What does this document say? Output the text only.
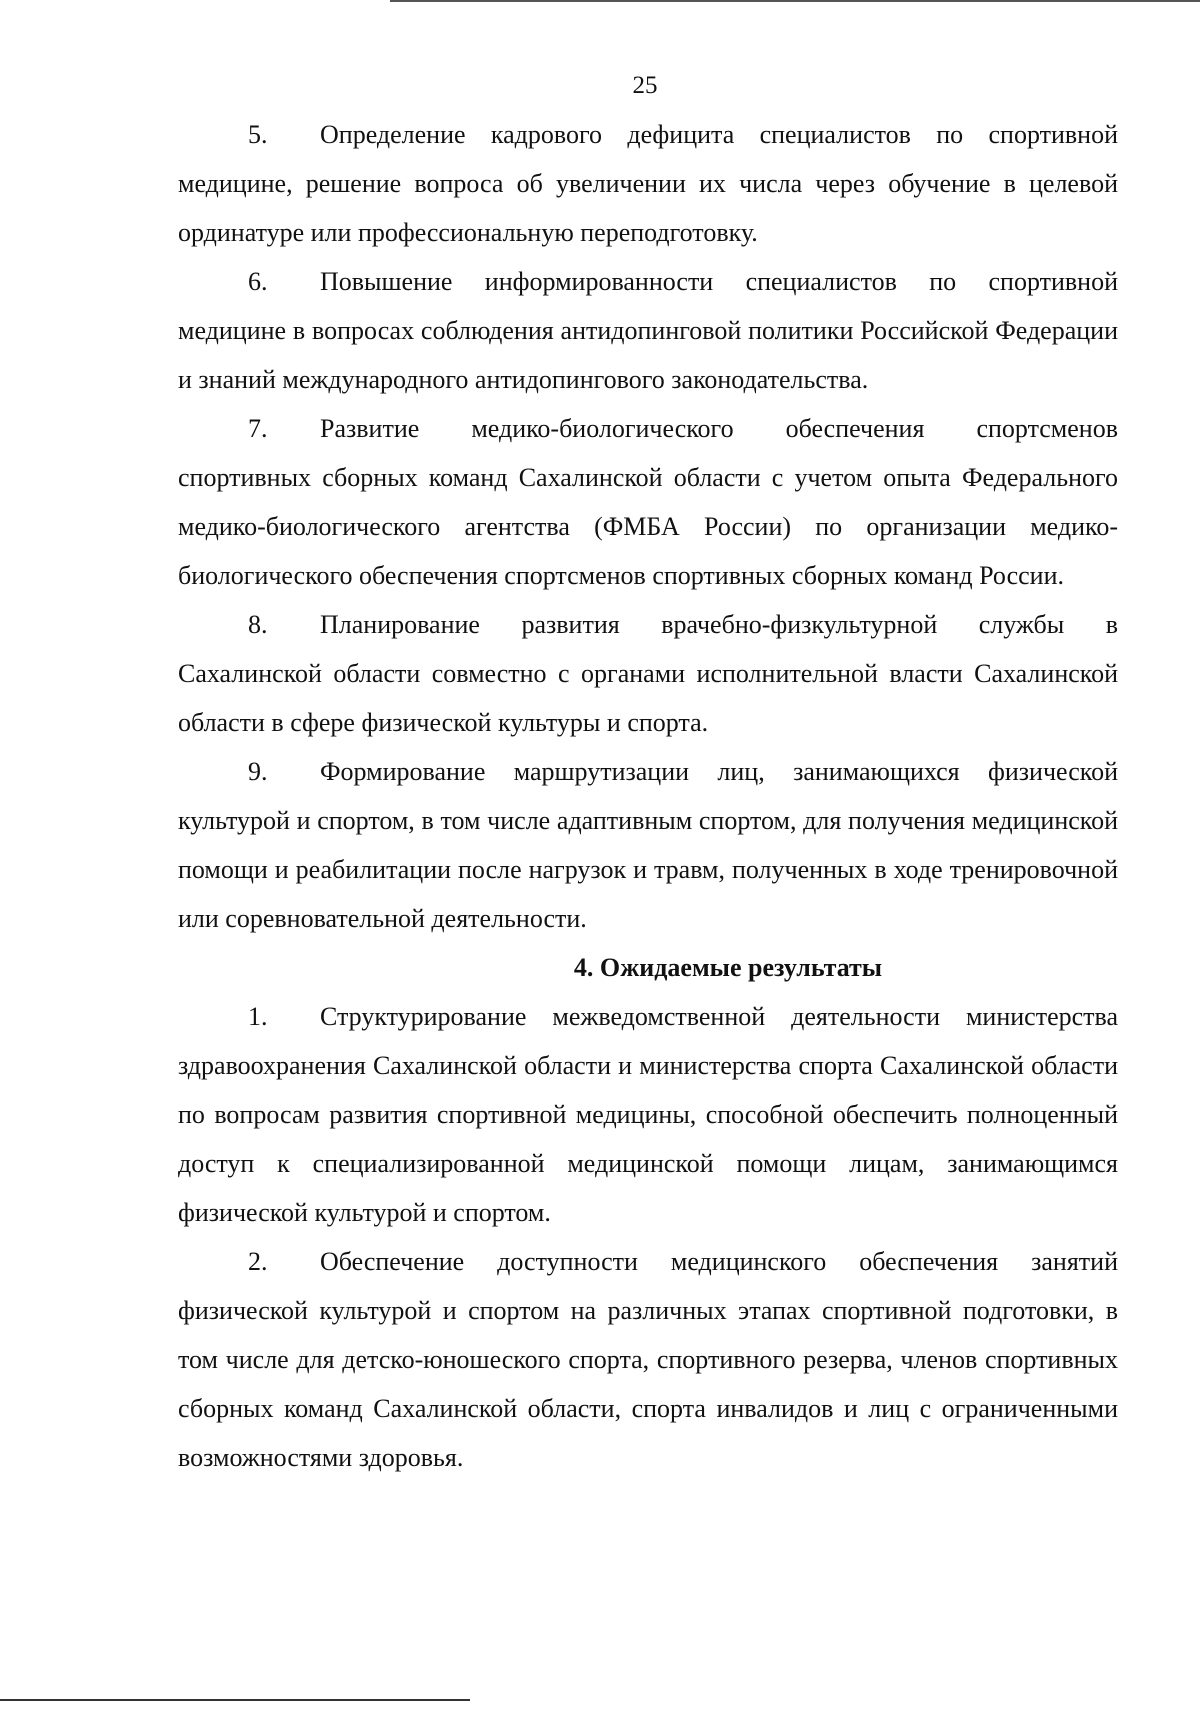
25

5. Определение кадрового дефицита специалистов по спортивной медицине, решение вопроса об увеличении их числа через обучение в целевой ординатуре или профессиональную переподготовку.

6. Повышение информированности специалистов по спортивной медицине в вопросах соблюдения антидопинговой политики Российской Федерации и знаний международного антидопингового законодательства.

7. Развитие медико-биологического обеспечения спортсменов спортивных сборных команд Сахалинской области с учетом опыта Федерального медико-биологического агентства (ФМБА России) по организации медико-биологического обеспечения спортсменов спортивных сборных команд России.

8. Планирование развития врачебно-физкультурной службы в Сахалинской области совместно с органами исполнительной власти Сахалинской области в сфере физической культуры и спорта.

9. Формирование маршрутизации лиц, занимающихся физической культурой и спортом, в том числе адаптивным спортом, для получения медицинской помощи и реабилитации после нагрузок и травм, полученных в ходе тренировочной или соревновательной деятельности.

4. Ожидаемые результаты

1. Структурирование межведомственной деятельности министерства здравоохранения Сахалинской области и министерства спорта Сахалинской области по вопросам развития спортивной медицины, способной обеспечить полноценный доступ к специализированной медицинской помощи лицам, занимающимся физической культурой и спортом.

2. Обеспечение доступности медицинского обеспечения занятий физической культурой и спортом на различных этапах спортивной подготовки, в том числе для детско-юношеского спорта, спортивного резерва, членов спортивных сборных команд Сахалинской области, спорта инвалидов и лиц с ограниченными возможностями здоровья.
